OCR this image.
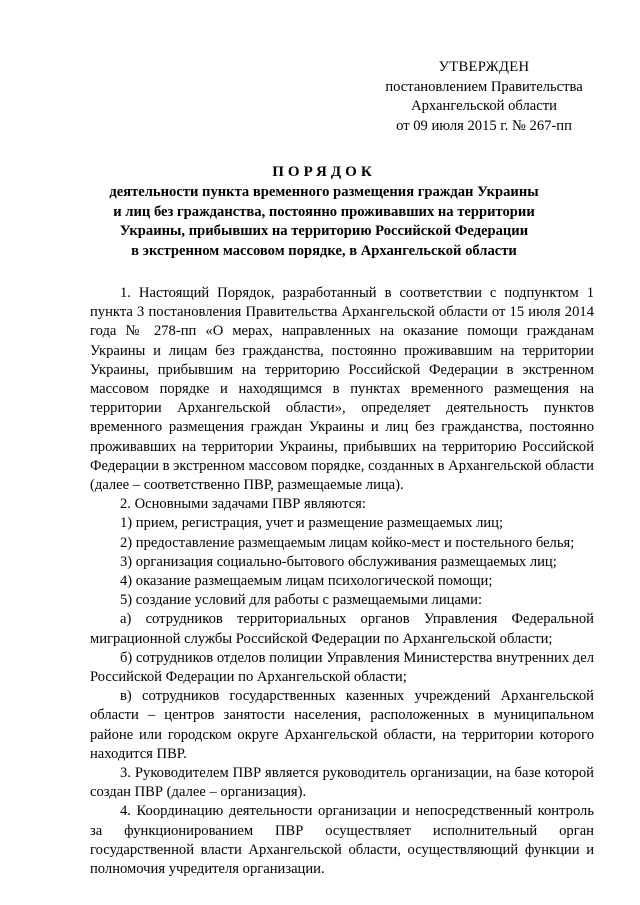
УТВЕРЖДЕН
постановлением Правительства
Архангельской области
от 09 июля 2015 г. № 267-пп
ПОРЯДОК
деятельности пункта временного размещения граждан Украины
и лиц без гражданства, постоянно проживавших на территории
Украины, прибывших на территорию Российской Федерации
в экстренном массовом порядке, в Архангельской области

1. Настоящий Порядок, разработанный в соответствии с подпунктом 1 пункта 3 постановления Правительства Архангельской области от 15 июля 2014 года № 278-пп «О мерах, направленных на оказание помощи гражданам Украины и лицам без гражданства, постоянно проживавшим на территории Украины, прибывшим на территорию Российской Федерации в экстренном массовом порядке и находящимся в пунктах временного размещения на территории Архангельской области», определяет деятельность пунктов временного размещения граждан Украины и лиц без гражданства, постоянно проживавших на территории Украины, прибывших на территорию Российской Федерации в экстренном массовом порядке, созданных в Архангельской области (далее – соответственно ПВР, размещаемые лица).

2. Основными задачами ПВР являются:

1) прием, регистрация, учет и размещение размещаемых лиц;

2) предоставление размещаемым лицам койко-мест и постельного белья;

3) организация социально-бытового обслуживания размещаемых лиц;

4) оказание размещаемым лицам психологической помощи;

5) создание условий для работы с размещаемыми лицами:

а) сотрудников территориальных органов Управления Федеральной миграционной службы Российской Федерации по Архангельской области;

б) сотрудников отделов полиции Управления Министерства внутренних дел Российской Федерации по Архангельской области;

в) сотрудников государственных казенных учреждений Архангельской области – центров занятости населения, расположенных в муниципальном районе или городском округе Архангельской области, на территории которого находится ПВР.

3. Руководителем ПВР является руководитель организации, на базе которой создан ПВР (далее – организация).

4. Координацию деятельности организации и непосредственный контроль за функционированием ПВР осуществляет исполнительный орган государственной власти Архангельской области, осуществляющий функции и полномочия учредителя организации.
